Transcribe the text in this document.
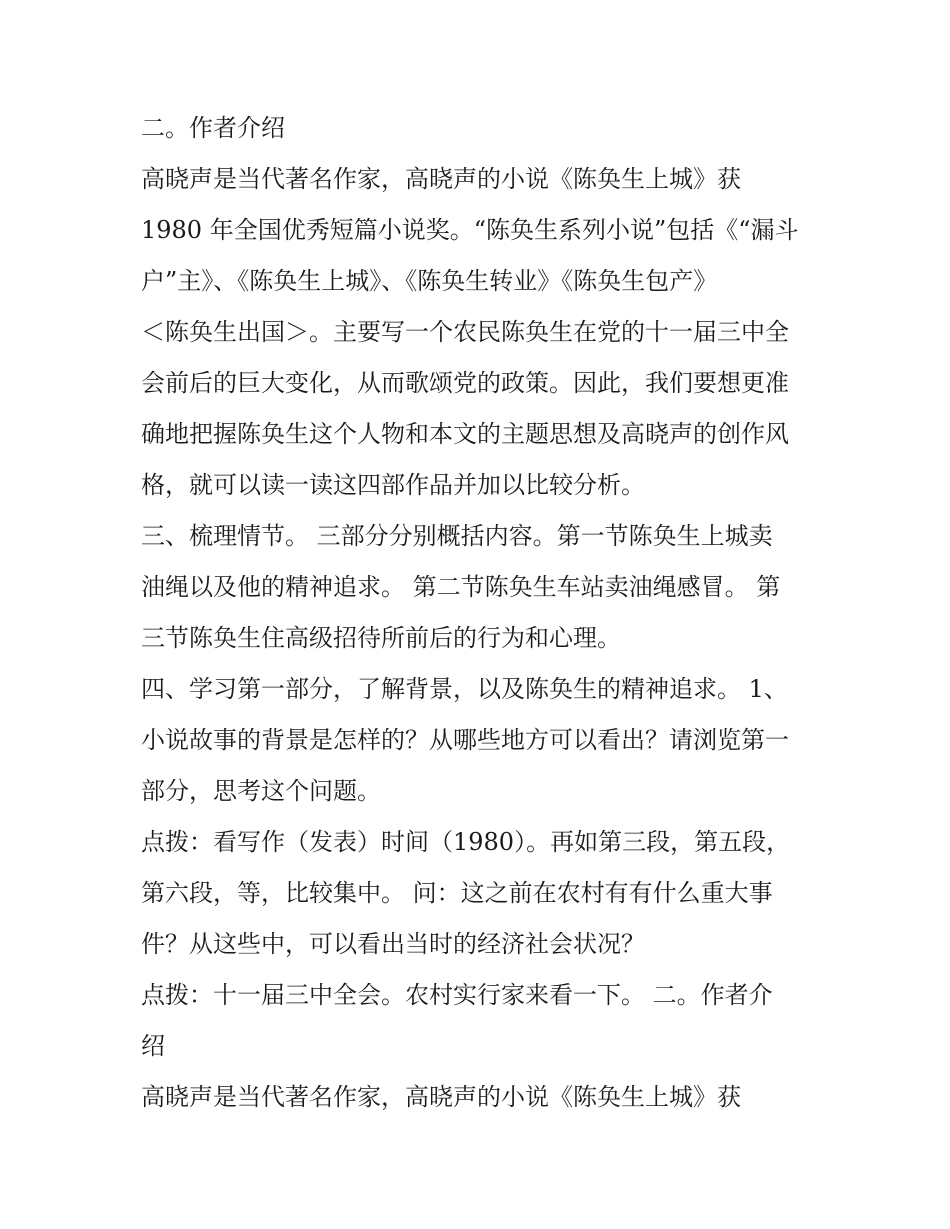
二。作者介绍
高晓声是当代著名作家，高晓声的小说《陈奂生上城》获
1980 年全国优秀短篇小说奖。“陈奂生系列小说”包括《“漏斗
户”主》、《陈奂生上城》、《陈奂生转业》《陈奂生包产》
＜陈奂生出国＞。主要写一个农民陈奂生在党的十一届三中全
会前后的巨大变化，从而歌颂党的政策。因此，我们要想更准
确地把握陈奂生这个人物和本文的主题思想及高晓声的创作风
格，就可以读一读这四部作品并加以比较分析。
三、梳理情节。 三部分分别概括内容。第一节陈奂生上城卖
油绳以及他的精神追求。 第二节陈奂生车站卖油绳感冒。 第
三节陈奂生住高级招待所前后的行为和心理。
四、学习第一部分，了解背景，以及陈奂生的精神追求。 1、
小说故事的背景是怎样的？从哪些地方可以看出？请浏览第一
部分，思考这个问题。
点拨：看写作（发表）时间（1980）。再如第三段，第五段，
第六段，等，比较集中。 问：这之前在农村有有什么重大事
件？从这些中，可以看出当时的经济社会状况？
点拨：十一届三中全会。农村实行家来看一下。 二。作者介
绍
高晓声是当代著名作家，高晓声的小说《陈奂生上城》获
